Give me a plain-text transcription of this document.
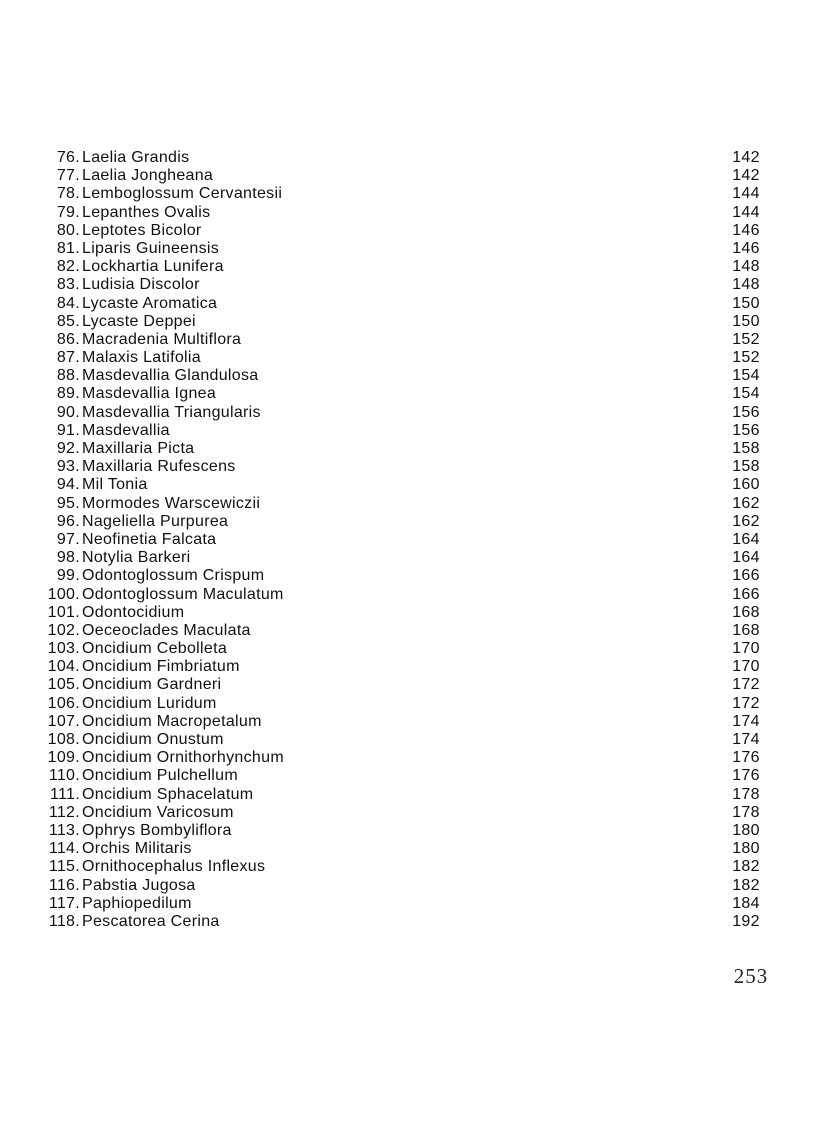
76. Laelia Grandis	142
77. Laelia Jongheana	142
78. Lemboglossum Cervantesii	144
79. Lepanthes Ovalis	144
80. Leptotes Bicolor	146
81. Liparis Guineensis	146
82. Lockhartia Lunifera	148
83. Ludisia Discolor	148
84. Lycaste Aromatica	150
85. Lycaste Deppei	150
86. Macradenia Multiflora	152
87. Malaxis Latifolia	152
88. Masdevallia Glandulosa	154
89. Masdevallia Ignea	154
90. Masdevallia Triangularis	156
91. Masdevallia	156
92. Maxillaria Picta	158
93. Maxillaria Rufescens	158
94. Mil Tonia	160
95. Mormodes Warscewiczii	162
96. Nageliella Purpurea	162
97. Neofinetia Falcata	164
98. Notylia Barkeri	164
99. Odontoglossum Crispum	166
100. Odontoglossum Maculatum	166
101. Odontocidium	168
102. Oeceoclades Maculata	168
103. Oncidium Cebolleta	170
104. Oncidium Fimbriatum	170
105. Oncidium Gardneri	172
106. Oncidium Luridum	172
107. Oncidium Macropetalum	174
108. Oncidium Onustum	174
109. Oncidium Ornithorhynchum	176
110. Oncidium Pulchellum	176
111. Oncidium Sphacelatum	178
112. Oncidium Varicosum	178
113. Ophrys Bombyliflora	180
114. Orchis Militaris	180
115. Ornithocephalus Inflexus	182
116. Pabstia Jugosa	182
117. Paphiopedilum	184
118. Pescatorea Cerina	192
253
